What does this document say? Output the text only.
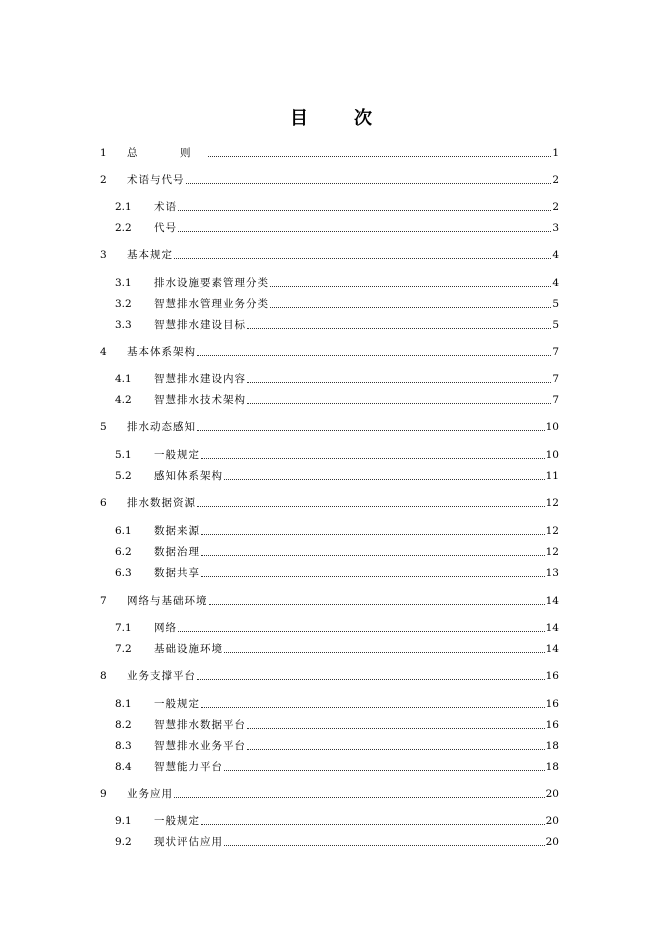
目　次
1	总　则	1
2	术语与代号	2
2.1	术语	2
2.2	代号	3
3	基本规定	4
3.1	排水设施要素管理分类	4
3.2	智慧排水管理业务分类	5
3.3	智慧排水建设目标	5
4	基本体系架构	7
4.1	智慧排水建设内容	7
4.2	智慧排水技术架构	7
5	排水动态感知	10
5.1	一般规定	10
5.2	感知体系架构	11
6	排水数据资源	12
6.1	数据来源	12
6.2	数据治理	12
6.3	数据共享	13
7	网络与基础环境	14
7.1	网络	14
7.2	基础设施环境	14
8	业务支撑平台	16
8.1	一般规定	16
8.2	智慧排水数据平台	16
8.3	智慧排水业务平台	18
8.4	智慧能力平台	18
9	业务应用	20
9.1	一般规定	20
9.2	现状评估应用	20
